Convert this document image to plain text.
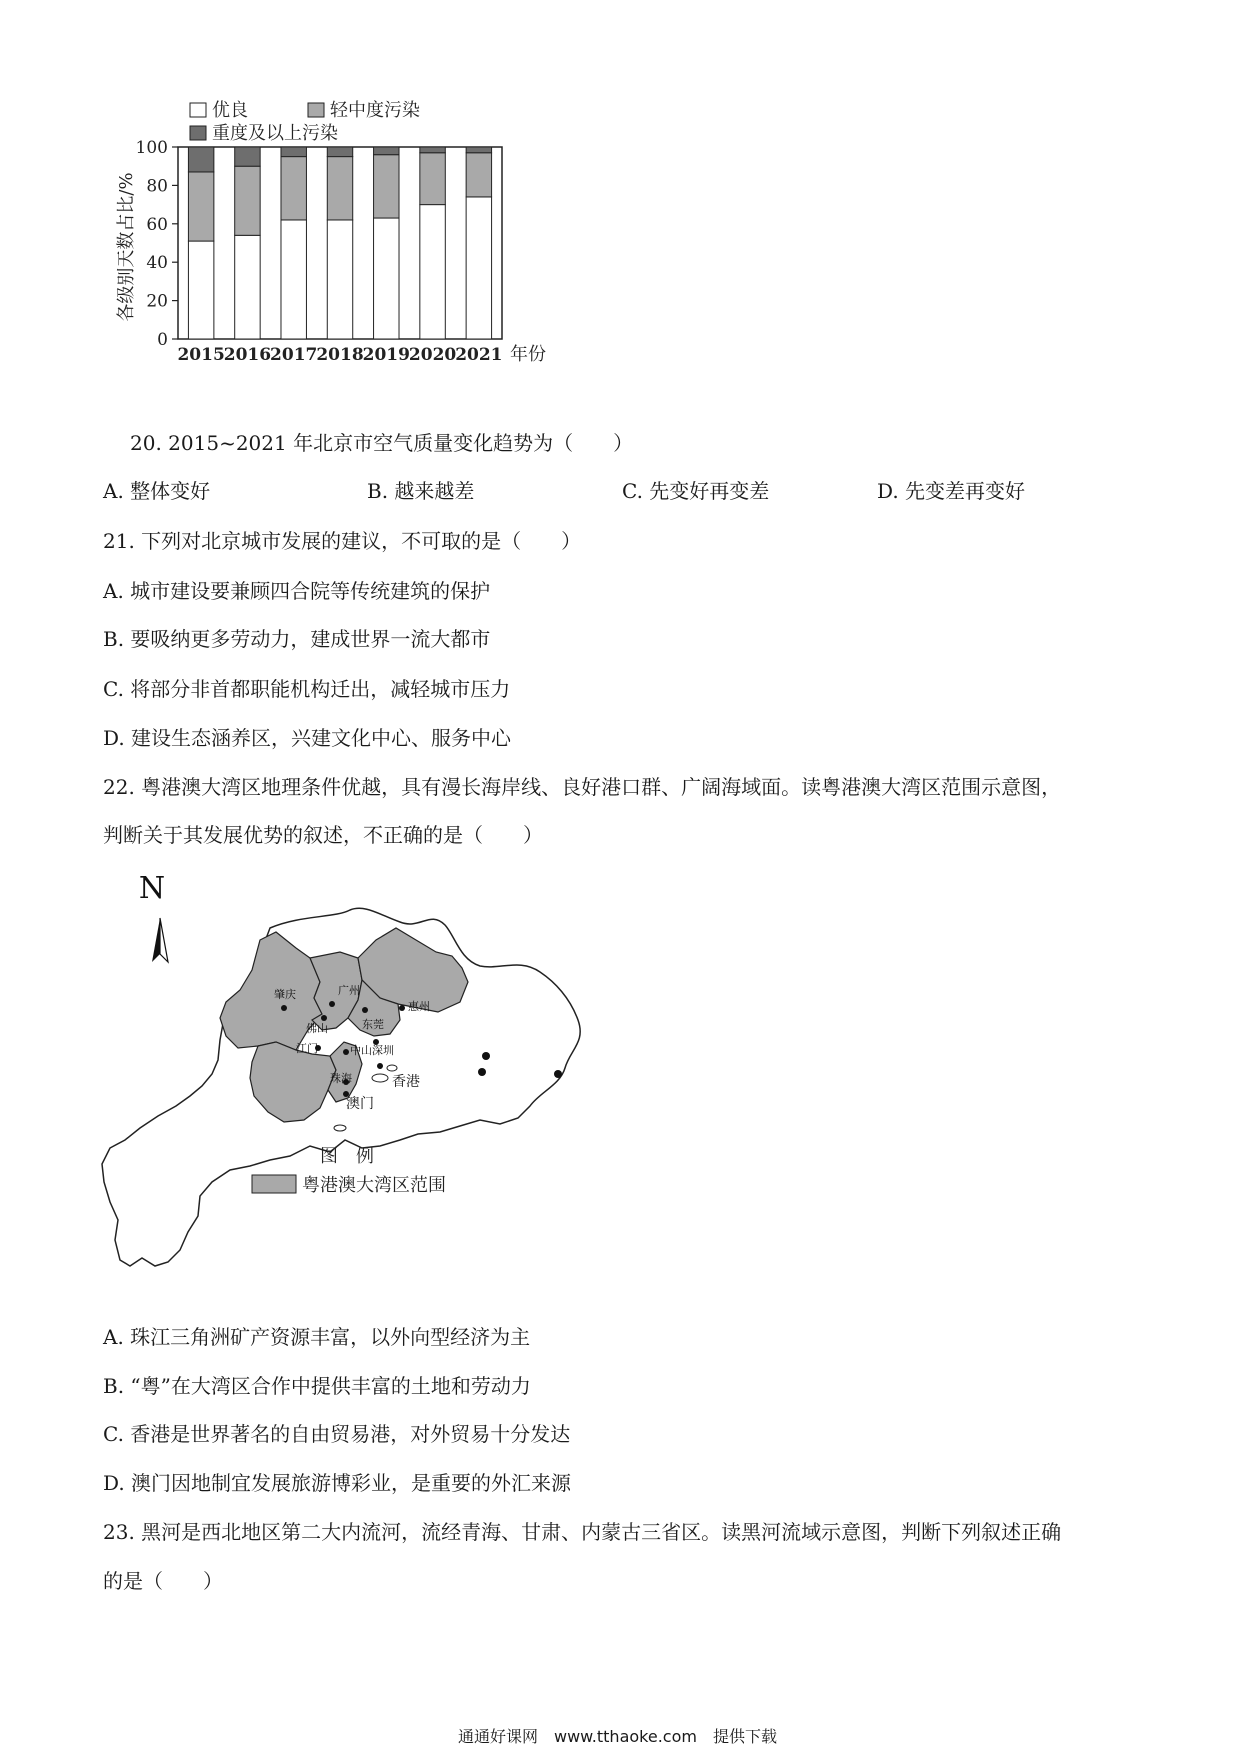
优良	轻中度污染
重度及以上污染
各级别天数占比/%
0
20
40
60
80
100
2015
2016
2017
2018
2019
2020
2021 年份
20. 2015~2021 年北京市空气质量变化趋势为（　　）
A. 整体变好	B. 越来越差	C. 先变好再变差	D. 先变差再变好
21. 下列对北京城市发展的建议，不可取的是（　　）
A. 城市建设要兼顾四合院等传统建筑的保护
B. 要吸纳更多劳动力，建成世界一流大都市
C. 将部分非首都职能机构迁出，减轻城市压力
D. 建设生态涵养区，兴建文化中心、服务中心
22. 粤港澳大湾区地理条件优越，具有漫长海岸线、良好港口群、广阔海域面。读粤港澳大湾区范围示意图，
判断关于其发展优势的叙述，不正确的是（　　）
N
肇庆	广州
佛山	东莞
惠州
江门	中山 深圳
珠海	香港
澳门
图　例
粤港澳大湾区范围
A. 珠江三角洲矿产资源丰富，以外向型经济为主
B. “粤”在大湾区合作中提供丰富的土地和劳动力
C. 香港是世界著名的自由贸易港，对外贸易十分发达
D. 澳门因地制宜发展旅游博彩业，是重要的外汇来源
23. 黑河是西北地区第二大内流河，流经青海、甘肃、内蒙古三省区。读黑河流域示意图，判断下列叙述正确
的是（　　）
通通好课网　www.tthaoke.com　提供下载
